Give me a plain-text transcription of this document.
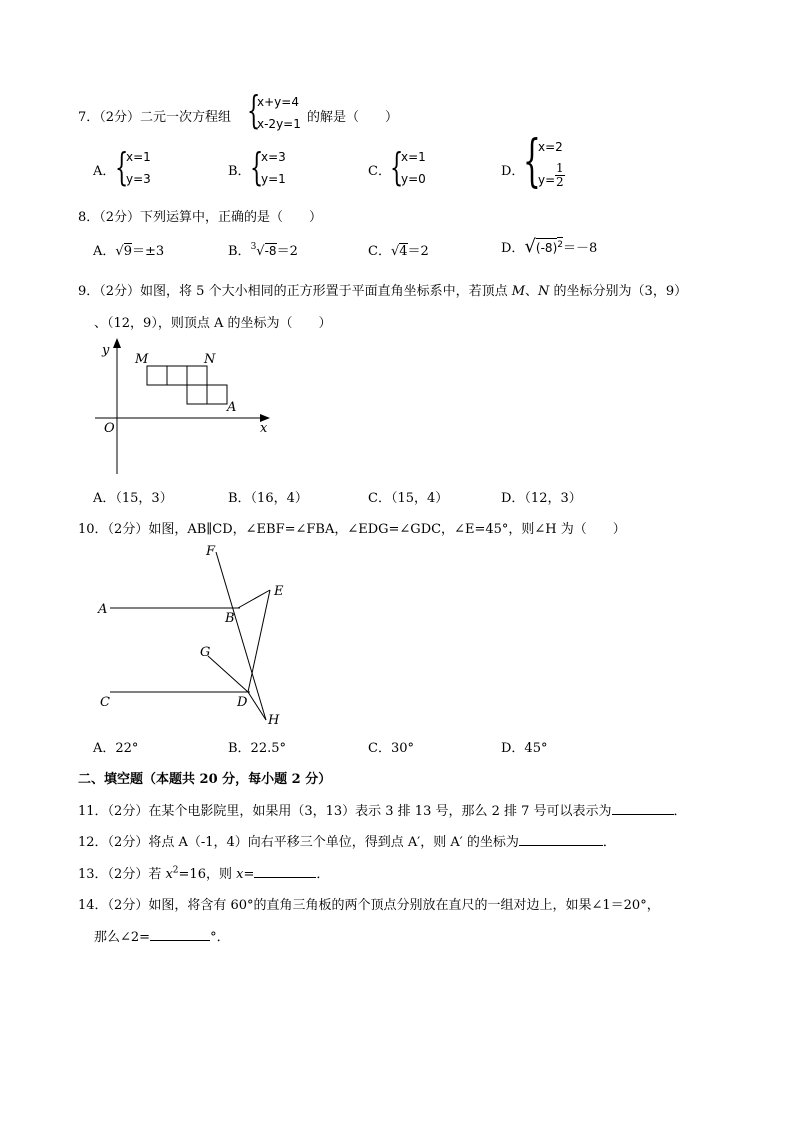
7．（2分）二元一次方程组 {
x+y=4
x-2y=1 的解是（　　）
A． {
x=1
y=3	B． {
x=3
y=1	C． {
x=1
y=0	D．
{
x=2
$y= \frac{1}{2}$
8．（2分）下列运算中，正确的是（　　）
A．√9＝±3	B．$^3$√-8＝2	C．√4＝2	D．$√(-8)^2=-8$
9．（2分）如图，将 5 个大小相同的正方形置于平面直角坐标系中，若顶点 M、N 的坐标分别为（3，9）
、（12，9），则顶点 A 的坐标为（　　）
y
x
O
M	N
A
A．（15，3）	B．（16，4）	C．（15，4）	D．（12，3）
10．（2分）如图，AB∥CD，∠EBF=∠FBA，∠EDG=∠GDC，∠E=45°，则∠H 为（　　）
F
E
A
B
G
C	D
H
A．22°	B．22.5°	C．30°	D．45°
二、填空题（本题共 20 分，每小题 2 分）
11．（2分）在某个电影院里，如果用（3，13）表示 3 排 13 号，那么 2 排 7 号可以表示为	．
12．（2分）将点 A（-1，4）向右平移三个单位，得到点 A′，则 A′ 的坐标为	．
13．（2分）若 $x^2=16$，则 x=	．
14．（2分）如图，将含有 60°的直角三角板的两个顶点分别放在直尺的一组对边上，如果∠1＝20°，
那么∠2=	°．
